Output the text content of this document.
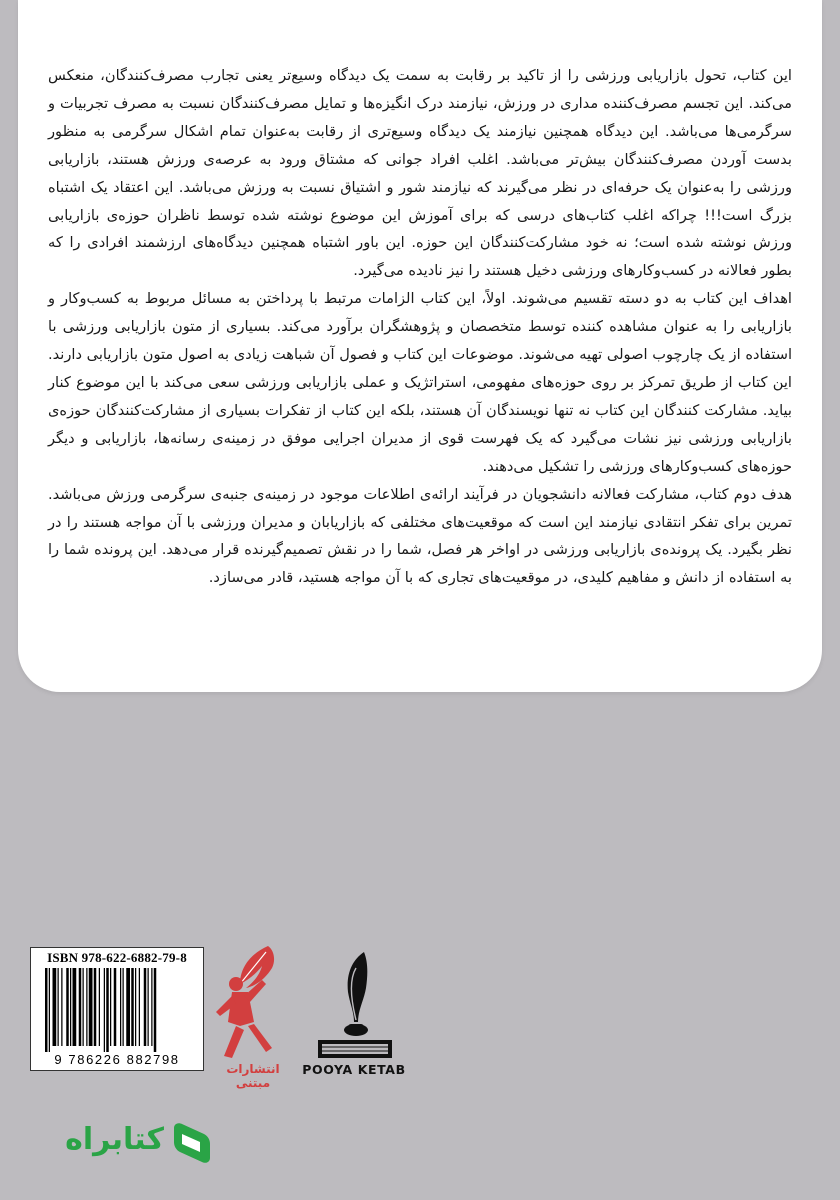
این کتاب، تحول بازاریابی ورزشی را از تاکید بر رقابت به سمت یک دیدگاه وسیع‌تر یعنی تجارب مصرف‌کنندگان، منعکس می‌کند. این تجسم مصرف‌کننده مداری در ورزش، نیازمند درک انگیزه‌ها و تمایل مصرف‌کنندگان نسبت به مصرف تجربیات و سرگرمی‌ها می‌باشد. این دیدگاه همچنین نیازمند یک دیدگاه وسیع‌تری از رقابت به‌عنوان تمام اشکال سرگرمی به منظور بدست آوردن مصرف‌کنندگان بیش‌تر می‌باشد. اغلب افراد جوانی که مشتاق ورود به عرصه‌ی ورزش هستند، بازاریابی ورزشی را به‌عنوان یک حرفه‌ای در نظر می‌گیرند که نیازمند شور و اشتیاق نسبت به ورزش می‌باشد. این اعتقاد یک اشتباه بزرگ است!!! چراکه اغلب کتاب‌های درسی که برای آموزش این موضوع نوشته شده توسط ناظران حوزه‌ی بازاریابی ورزش نوشته شده است؛ نه خود مشارکت‌کنندگان این حوزه. این باور اشتباه همچنین دیدگاه‌های ارزشمند افرادی را که بطور فعالانه در کسب‌وکارهای ورزشی دخیل هستند را نیز نادیده می‌گیرد.

اهداف این کتاب به دو دسته تقسیم می‌شوند. اولاً، این کتاب الزامات مرتبط با پرداختن به مسائل مربوط به کسب‌وکار و بازاریابی را به عنوان مشاهده کننده توسط متخصصان و پژوهشگران برآورد می‌کند. بسیاری از متون بازاریابی ورزشی با استفاده از یک چارچوب اصولی تهیه می‌شوند. موضوعات این کتاب و فصول آن شباهت زیادی به اصول متون بازاریابی دارند. این کتاب از طریق تمرکز بر روی حوزه‌های مفهومی، استراتژیک و عملی بازاریابی ورزشی سعی می‌کند با این موضوع کنار بیاید. مشارکت کنندگان این کتاب نه تنها نویسندگان آن هستند، بلکه این کتاب از تفکرات بسیاری از مشارکت‌کنندگان حوزه‌ی بازاریابی ورزشی نیز نشات می‌گیرد که یک فهرست قوی از مدیران اجرایی موفق در زمینه‌ی رسانه‌ها، بازاریابی و دیگر حوزه‌های کسب‌وکارهای ورزشی را تشکیل می‌دهند.

هدف دوم کتاب، مشارکت فعالانه دانشجویان در فرآیند ارائه‌ی اطلاعات موجود در زمینه‌ی جنبه‌ی سرگرمی ورزش می‌باشد. تمرین برای تفکر انتقادی نیازمند این است که موقعیت‌های مختلفی که بازاریابان و مدیران ورزشی با آن مواجه هستند را در نظر بگیرد. یک پرونده‌ی بازاریابی ورزشی در اواخر هر فصل، شما را در نقش تصمیم‌گیرنده قرار می‌دهد. این پرونده شما را به استفاده از دانش و مفاهیم کلیدی، در موقعیت‌های تجاری که با آن مواجه هستید، قادر می‌سازد.

ISBN 978-622-6882-79-8
9 786226 882798
انتشارات مبتنی
POOYA KETAB
کتابراه
